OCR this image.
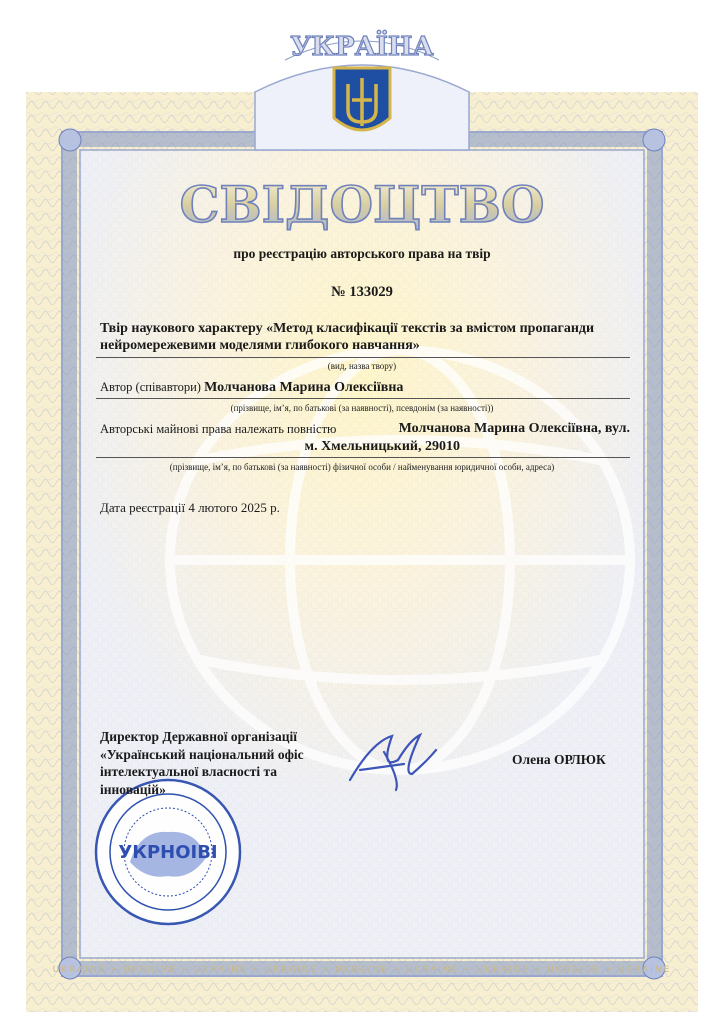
СВІДОЦТВО
УКРАЇНА
UKRAINE • UKRAINE • UKRAINE • UKRAINE • UKRAINE • UKRAINE • UKRAINE • UKRAINE • UKRAINE
УКРНОІВІ
про реєстрацію авторського права на твір
№ 133029
Твір наукового характеру «Метод класифікації текстів за вмістом пропаганди нейромережевими моделями глибокого навчання»
(вид, назва твору)
Автор (співавтори) Молчанова Марина Олексіївна
(прізвище, ім’я, по батькові (за наявності), псевдонім (за наявності))
Авторські майнові права належать повністю	Молчанова Марина Олексіївна, вул.
м. Хмельницький, 29010
(прізвище, ім’я, по батькові (за наявності) фізичної особи / найменування юридичної особи, адреса)
Дата реєстрації 4 лютого 2025 р.
Директор Державної організації «Український національний офіс інтелектуальної власності та інновацій»
Олена ОРЛЮК
